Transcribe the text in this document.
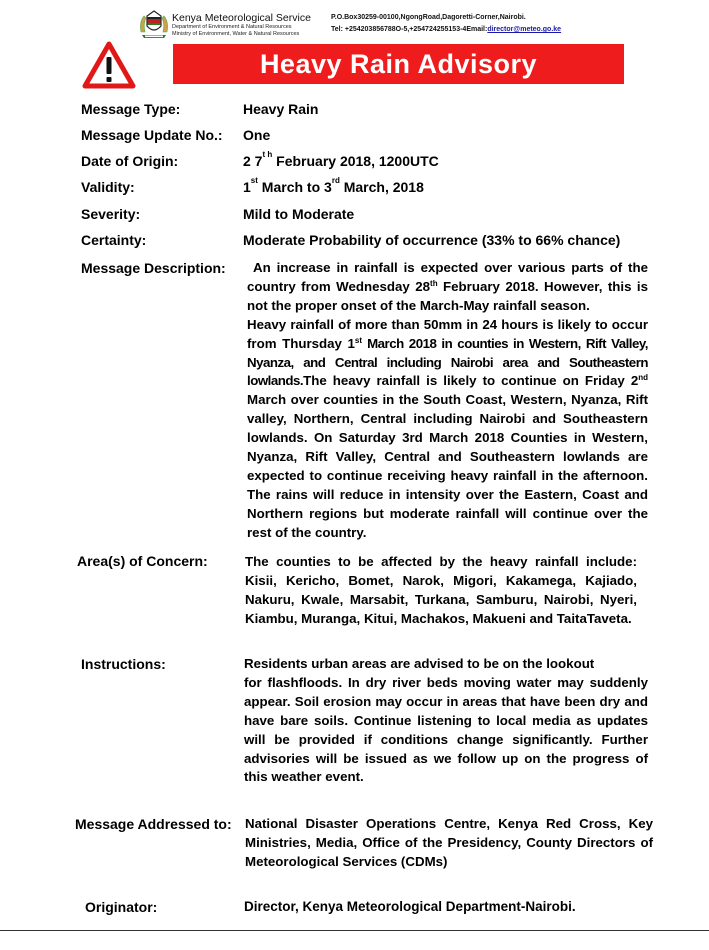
Kenya Meteorological Service
Department of Environment & Natural Resources
Ministry of Environment, Water & Natural Resources
P.O.Box30259-00100,NgongRoad,Dagoretti-Corner,Nairobi.
Tel: +254203856788O-5,+254724255153-4Email:director@meteo.go.ke
Heavy Rain Advisory
Message Type:	Heavy Rain
Message Update No.: One
Date of Origin:	2 $7^{t h}$ February 2018, 1200UTC
Validity:	1st March to 3rd March, 2018
Severity:	Mild to Moderate
Certainty:	Moderate Probability of occurrence (33% to 66% chance)
Message Description:	An increase in rainfall is expected over various parts of the country from Wednesday 28th February 2018. However, this is not the proper onset of the March-May rainfall season.

Heavy rainfall of more than 50mm in 24 hours is likely to occur from Thursday 1st March 2018 in counties in Western, Rift Valley, Nyanza, and Central including Nairobi area and Southeastern lowlands.The heavy rainfall is likely to continue on Friday 2nd March over counties in the South Coast, Western, Nyanza, Rift valley, Northern, Central including Nairobi and Southeastern lowlands. On Saturday 3rd March 2018 Counties in Western, Nyanza, Rift Valley, Central and Southeastern lowlands are expected to continue receiving heavy rainfall in the afternoon. The rains will reduce in intensity over the Eastern, Coast and Northern regions but moderate rainfall will continue over the rest of the country.

Area(s) of Concern:	The counties to be affected by the heavy rainfall include: Kisii, Kericho, Bomet, Narok, Migori, Kakamega, Kajiado, Nakuru, Kwale, Marsabit, Turkana, Samburu, Nairobi, Nyeri, Kiambu, Muranga, Kitui, Machakos, Makueni and TaitaTaveta.
Instructions:	Residents urban areas are advised to be on the lookout

for flashfloods. In dry river beds moving water may suddenly appear. Soil erosion may occur in areas that have been dry and have bare soils. Continue listening to local media as updates will be provided if conditions change significantly. Further advisories will be issued as we follow up on the progress of this weather event.

Message Addressed to: National Disaster Operations Centre, Kenya Red Cross, Key Ministries, Media, Office of the Presidency, County Directors of Meteorological Services (CDMs)
Originator:	Director, Kenya Meteorological Department-Nairobi.
